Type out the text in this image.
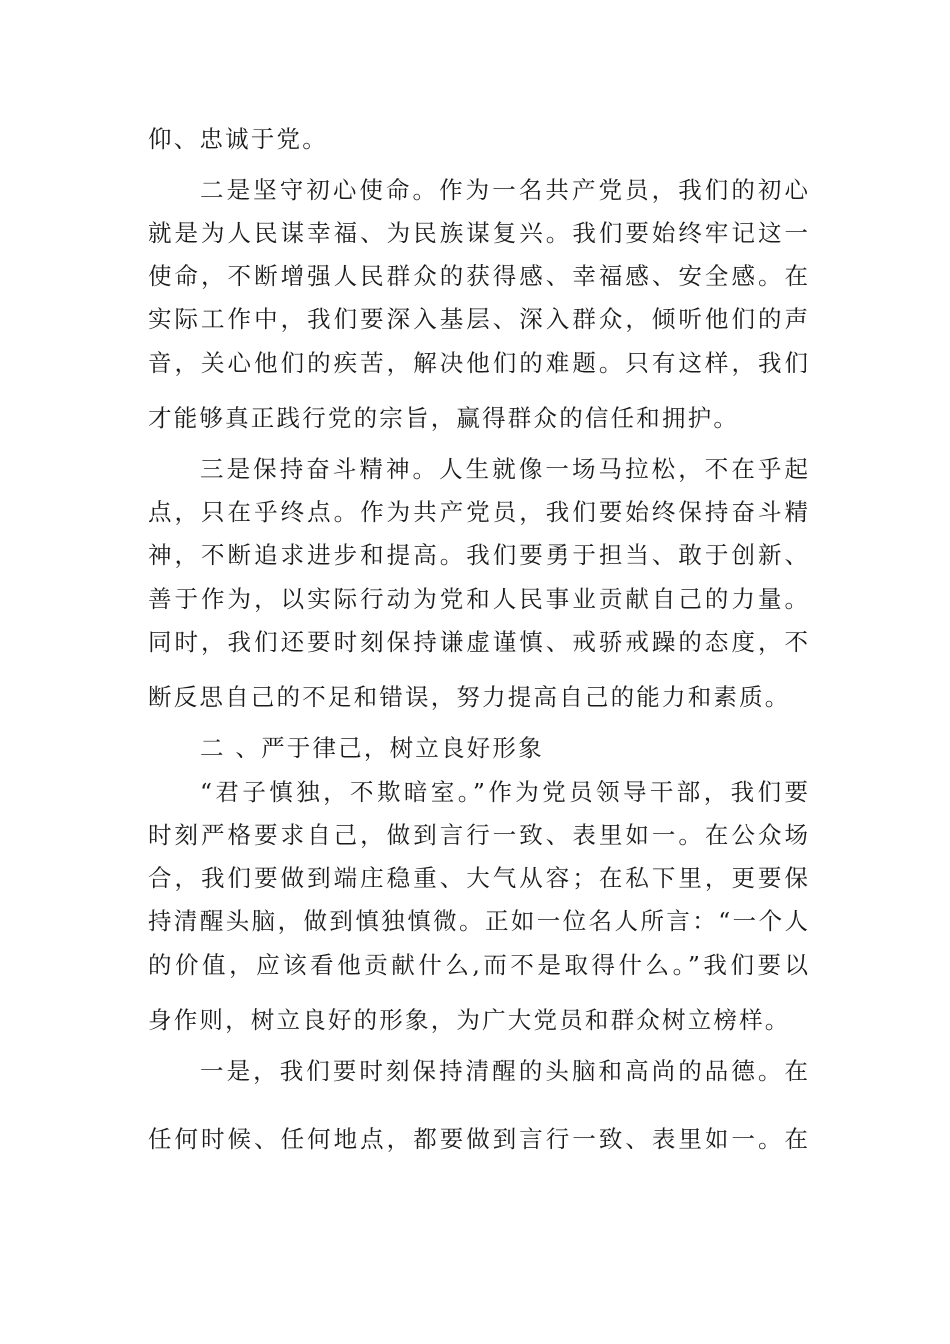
仰、忠诚于党。
二是坚守初心使命。作为一名共产党员，我们的初心
就是为人民谋幸福、为民族谋复兴。我们要始终牢记这一
使命，不断增强人民群众的获得感、幸福感、安全感。在
实际工作中，我们要深入基层、深入群众，倾听他们的声
音，关心他们的疾苦，解决他们的难题。只有这样，我们
才能够真正践行党的宗旨，赢得群众的信任和拥护。
三是保持奋斗精神。人生就像一场马拉松，不在乎起
点，只在乎终点。作为共产党员，我们要始终保持奋斗精
神，不断追求进步和提高。我们要勇于担当、敢于创新、
善于作为，以实际行动为党和人民事业贡献自己的力量。
同时，我们还要时刻保持谦虚谨慎、戒骄戒躁的态度，不
断反思自己的不足和错误，努力提高自己的能力和素质。
二 、严于律己，树立良好形象
“君子慎独，不欺暗室。”作为党员领导干部，我们要
时刻严格要求自己，做到言行一致、表里如一。在公众场
合，我们要做到端庄稳重、大气从容；在私下里，更要保
持清醒头脑，做到慎独慎微。正如一位名人所言：“一个人
的价值，应该看他贡献什么,而不是取得什么。”我们要以
身作则，树立良好的形象，为广大党员和群众树立榜样。
一是，我们要时刻保持清醒的头脑和高尚的品德。在
任何时候、任何地点，都要做到言行一致、表里如一。在
